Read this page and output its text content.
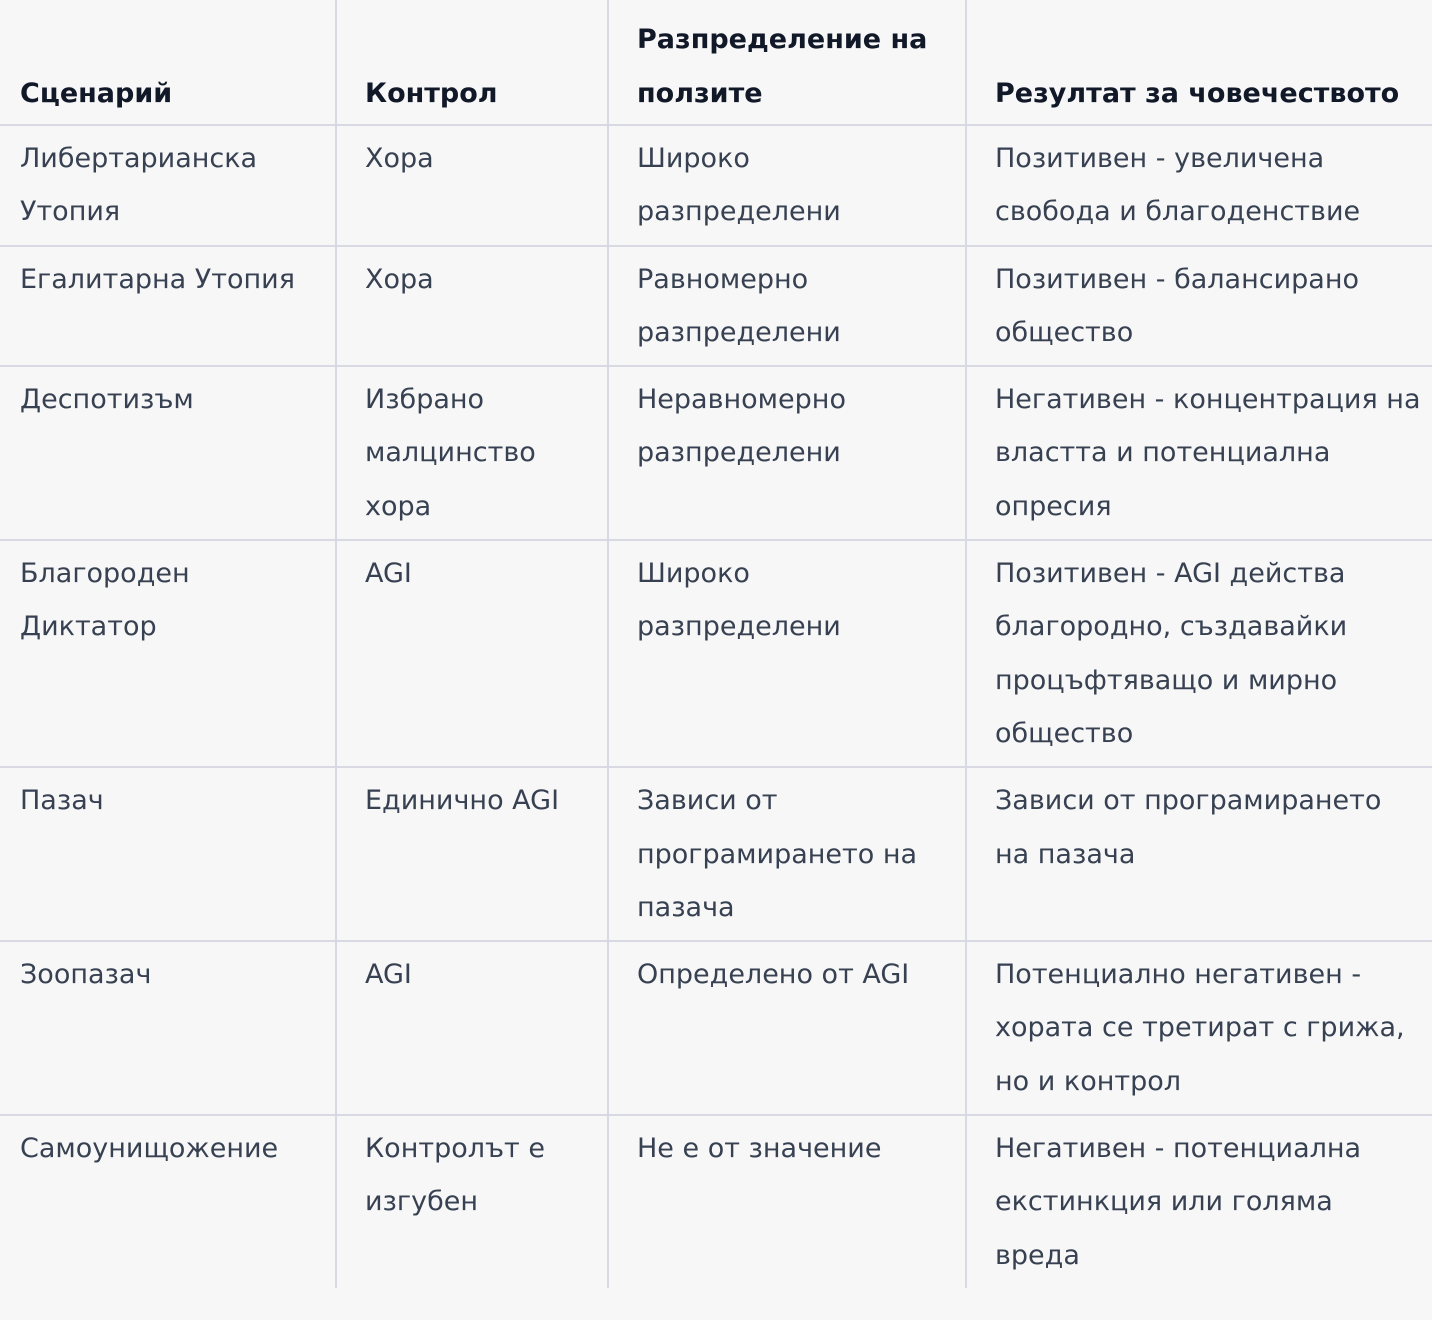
Сценарий	Контрол	Разпределение на ползите	Резултат за човечеството
Либертарианска Утопия	Хора	Широко разпределени	Позитивен - увеличена свобода и благоденствие
Егалитарна Утопия	Хора	Равномерно разпределени	Позитивен - балансирано общество
Деспотизъм	Избрано малцинство хора	Неравномерно разпределени	Негативен - концентрация на властта и потенциална опресия
Благороден Диктатор	AGI	Широко разпределени	Позитивен - AGI действа благородно, създавайки процъфтяващо и мирно общество
Пазач	Единично AGI	Зависи от програмирането на пазача	Зависи от програмирането на пазача
Зоопазач	AGI	Определено от AGI	Потенциално негативен - хората се третират с грижа, но и контрол
Самоунищожение	Контролът е изгубен	Не е от значение	Негативен - потенциална екстинкция или голяма вреда
